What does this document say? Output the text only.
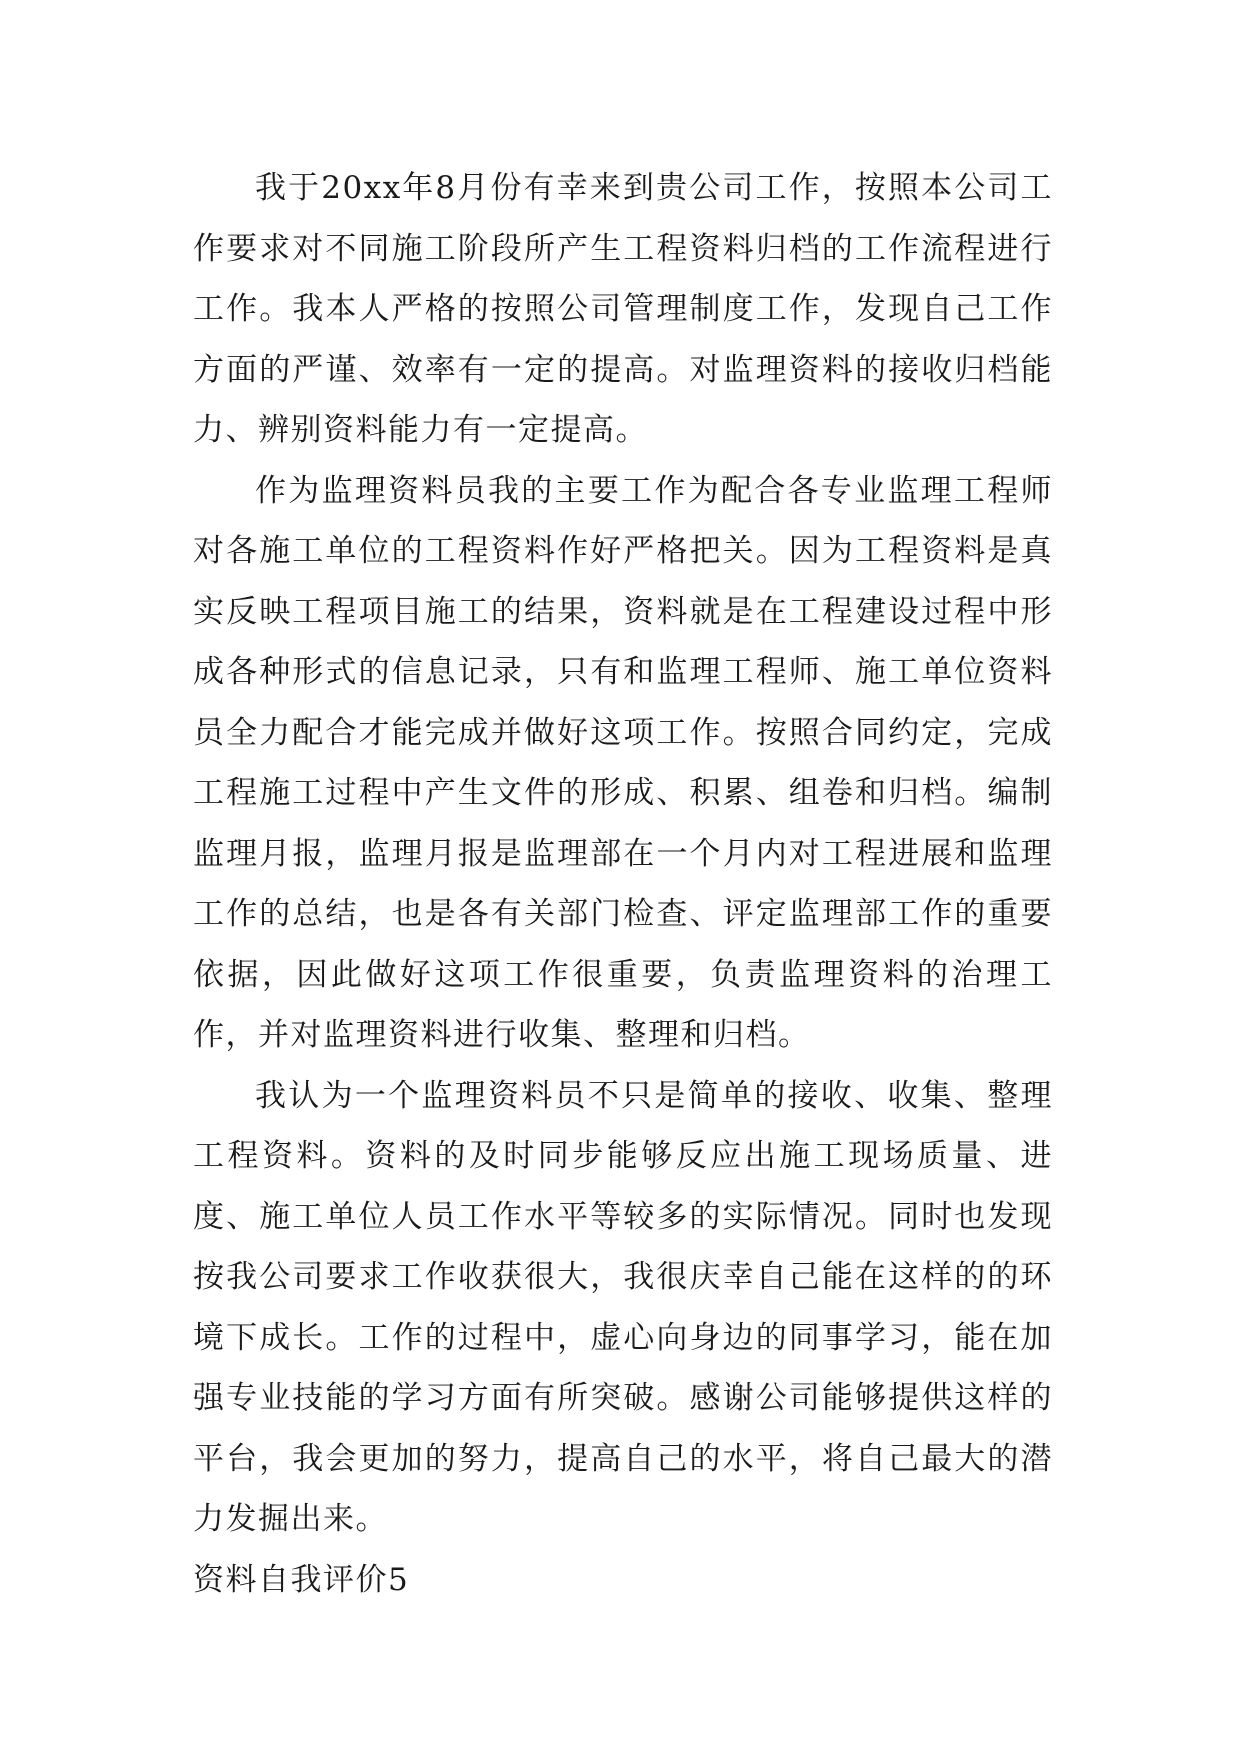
我于20xx年8月份有幸来到贵公司工作，按照本公司工作要求对不同施工阶段所产生工程资料归档的工作流程进行工作。我本人严格的按照公司管理制度工作，发现自己工作方面的严谨、效率有一定的提高。对监理资料的接收归档能力、辨别资料能力有一定提高。

作为监理资料员我的主要工作为配合各专业监理工程师对各施工单位的工程资料作好严格把关。因为工程资料是真实反映工程项目施工的结果，资料就是在工程建设过程中形成各种形式的信息记录，只有和监理工程师、施工单位资料员全力配合才能完成并做好这项工作。按照合同约定，完成工程施工过程中产生文件的形成、积累、组卷和归档。编制监理月报，监理月报是监理部在一个月内对工程进展和监理工作的总结，也是各有关部门检查、评定监理部工作的重要依据，因此做好这项工作很重要，负责监理资料的治理工作，并对监理资料进行收集、整理和归档。

我认为一个监理资料员不只是简单的接收、收集、整理工程资料。资料的及时同步能够反应出施工现场质量、进度、施工单位人员工作水平等较多的实际情况。同时也发现按我公司要求工作收获很大，我很庆幸自己能在这样的的环境下成长。工作的过程中，虚心向身边的同事学习，能在加强专业技能的学习方面有所突破。感谢公司能够提供这样的平台，我会更加的努力，提高自己的水平，将自己最大的潜力发掘出来。

资料自我评价5
